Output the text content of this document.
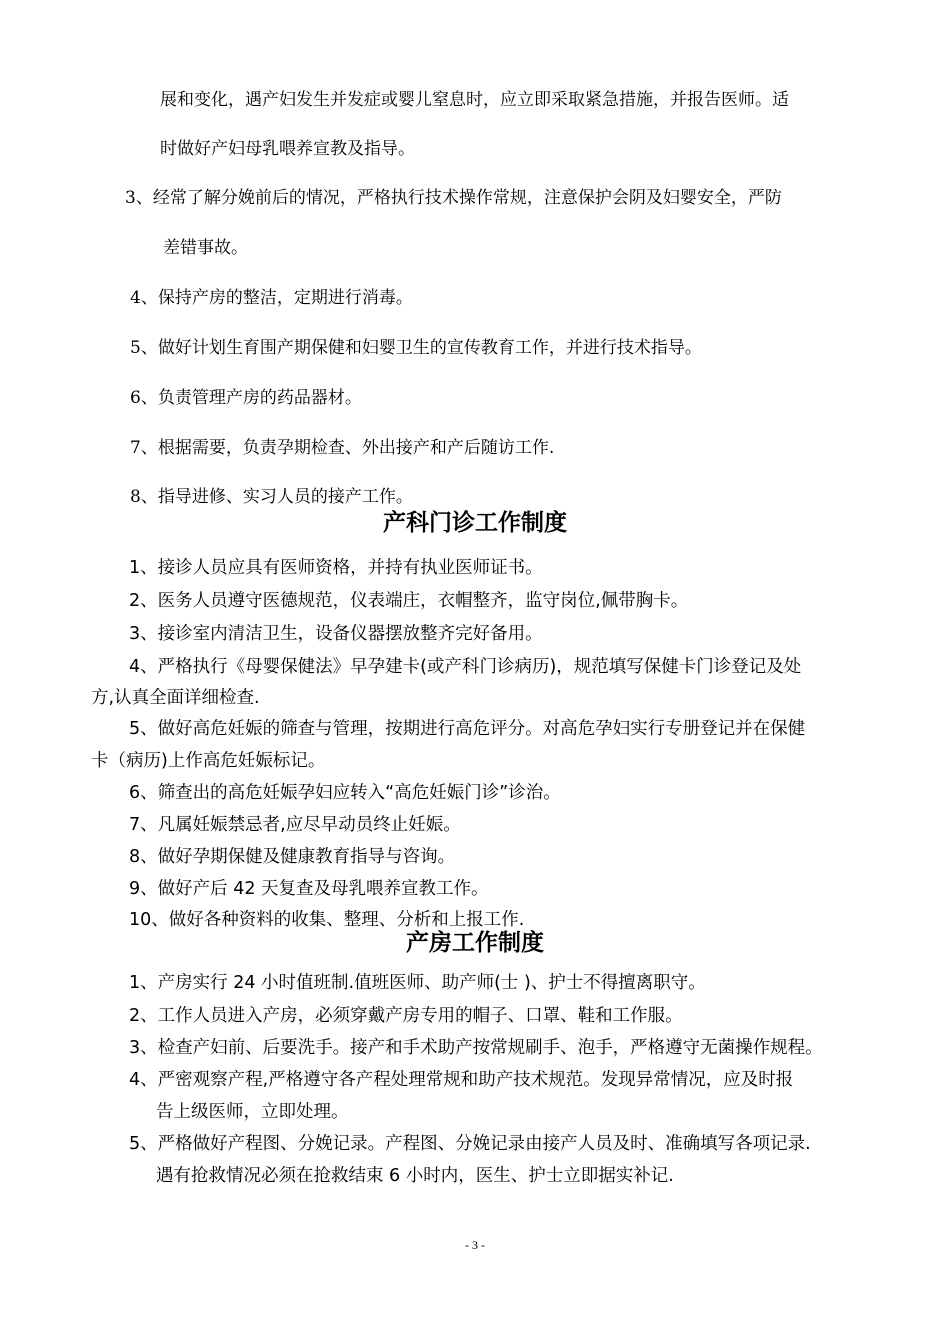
展和变化，遇产妇发生并发症或婴儿窒息时，应立即采取紧急措施，并报告医师。适

时做好产妇母乳喂养宣教及指导。

3、经常了解分娩前后的情况，严格执行技术操作常规，注意保护会阴及妇婴安全，严防

差错事故。

4、保持产房的整洁，定期进行消毒。

5、做好计划生育围产期保健和妇婴卫生的宣传教育工作，并进行技术指导。

6、负责管理产房的药品器材。

7、根据需要，负责孕期检查、外出接产和产后随访工作.

8、指导进修、实习人员的接产工作。

产科门诊工作制度

1、接诊人员应具有医师资格，并持有执业医师证书。

2、医务人员遵守医德规范，仪表端庄，衣帽整齐，监守岗位,佩带胸卡。

3、接诊室内清洁卫生，设备仪器摆放整齐完好备用。

4、严格执行《母婴保健法》早孕建卡(或产科门诊病历)，规范填写保健卡门诊登记及处

方,认真全面详细检查.

5、做好高危妊娠的筛查与管理，按期进行高危评分。对高危孕妇实行专册登记并在保健

卡（病历)上作高危妊娠标记。

6、筛查出的高危妊娠孕妇应转入“高危妊娠门诊”诊治。

7、凡属妊娠禁忌者,应尽早动员终止妊娠。

8、做好孕期保健及健康教育指导与咨询。

9、做好产后 42 天复查及母乳喂养宣教工作。

10、做好各种资料的收集、整理、分析和上报工作.

产房工作制度

1、产房实行 24 小时值班制.值班医师、助产师(士 )、护士不得擅离职守。

2、工作人员进入产房，必须穿戴产房专用的帽子、口罩、鞋和工作服。

3、检查产妇前、后要洗手。接产和手术助产按常规刷手、泡手，严格遵守无菌操作规程。

4、严密观察产程,严格遵守各产程处理常规和助产技术规范。发现异常情况，应及时报

告上级医师，立即处理。

5、严格做好产程图、分娩记录。产程图、分娩记录由接产人员及时、准确填写各项记录.

遇有抢救情况必须在抢救结束 6 小时内，医生、护士立即据实补记.

- 3 -
